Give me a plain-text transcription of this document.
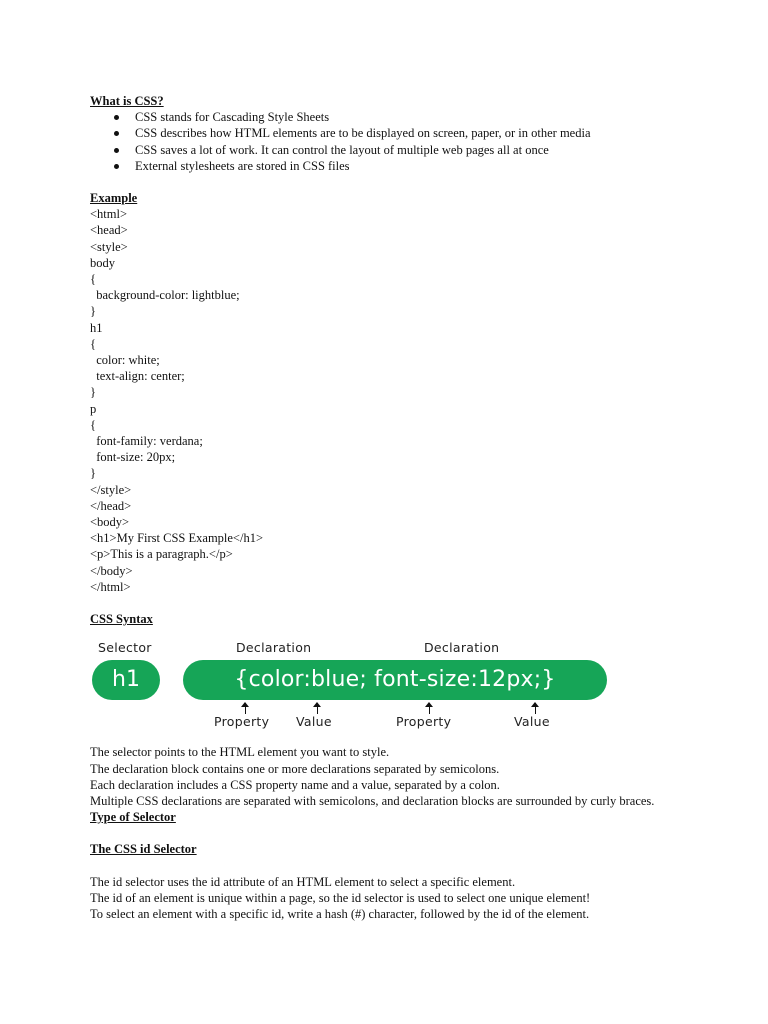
What is CSS?
CSS stands for Cascading Style Sheets
CSS describes how HTML elements are to be displayed on screen, paper, or in other media
CSS saves a lot of work. It can control the layout of multiple web pages all at once
External stylesheets are stored in CSS files
Example
<html>
<head>
<style>
body
{
background-color: lightblue;
}
h1
{
color: white;
text-align: center;
}
p
{
font-family: verdana;
font-size: 20px;
}
</style>
</head>
<body>
<h1>My First CSS Example</h1>
<p>This is a paragraph.</p>
</body>
</html>
CSS Syntax
Selector	Declaration	Declaration
h1	{color:blue; font-size:12px;}
Property Value	Property	Value
The selector points to the HTML element you want to style.
The declaration block contains one or more declarations separated by semicolons.
Each declaration includes a CSS property name and a value, separated by a colon.
Multiple CSS declarations are separated with semicolons, and declaration blocks are surrounded by curly braces.
Type of Selector
The CSS id Selector
The id selector uses the id attribute of an HTML element to select a specific element.
The id of an element is unique within a page, so the id selector is used to select one unique element!
To select an element with a specific id, write a hash (#) character, followed by the id of the element.
